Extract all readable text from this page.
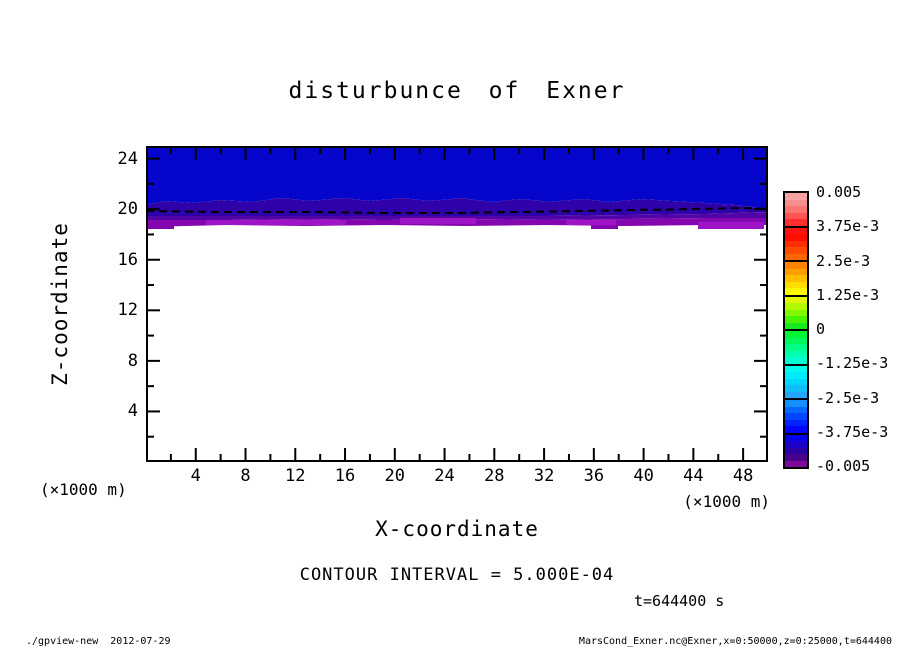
disturbunce of Exner
Z-coordinate
X-coordinate
(×1000 m)
(×1000 m)
CONTOUR INTERVAL = 5.000E-04
t=644400 s
./gpview-new  2012-07-29	MarsCond_Exner.nc@Exner,x=0:50000,z=0:25000,t=644400
4	8	12	16	20	24	28	32	36	40	44	48
4
8
12
16
20
24
0.005
3.75e-3
2.5e-3
1.25e-3
0
-1.25e-3
-2.5e-3
-3.75e-3
-0.005
